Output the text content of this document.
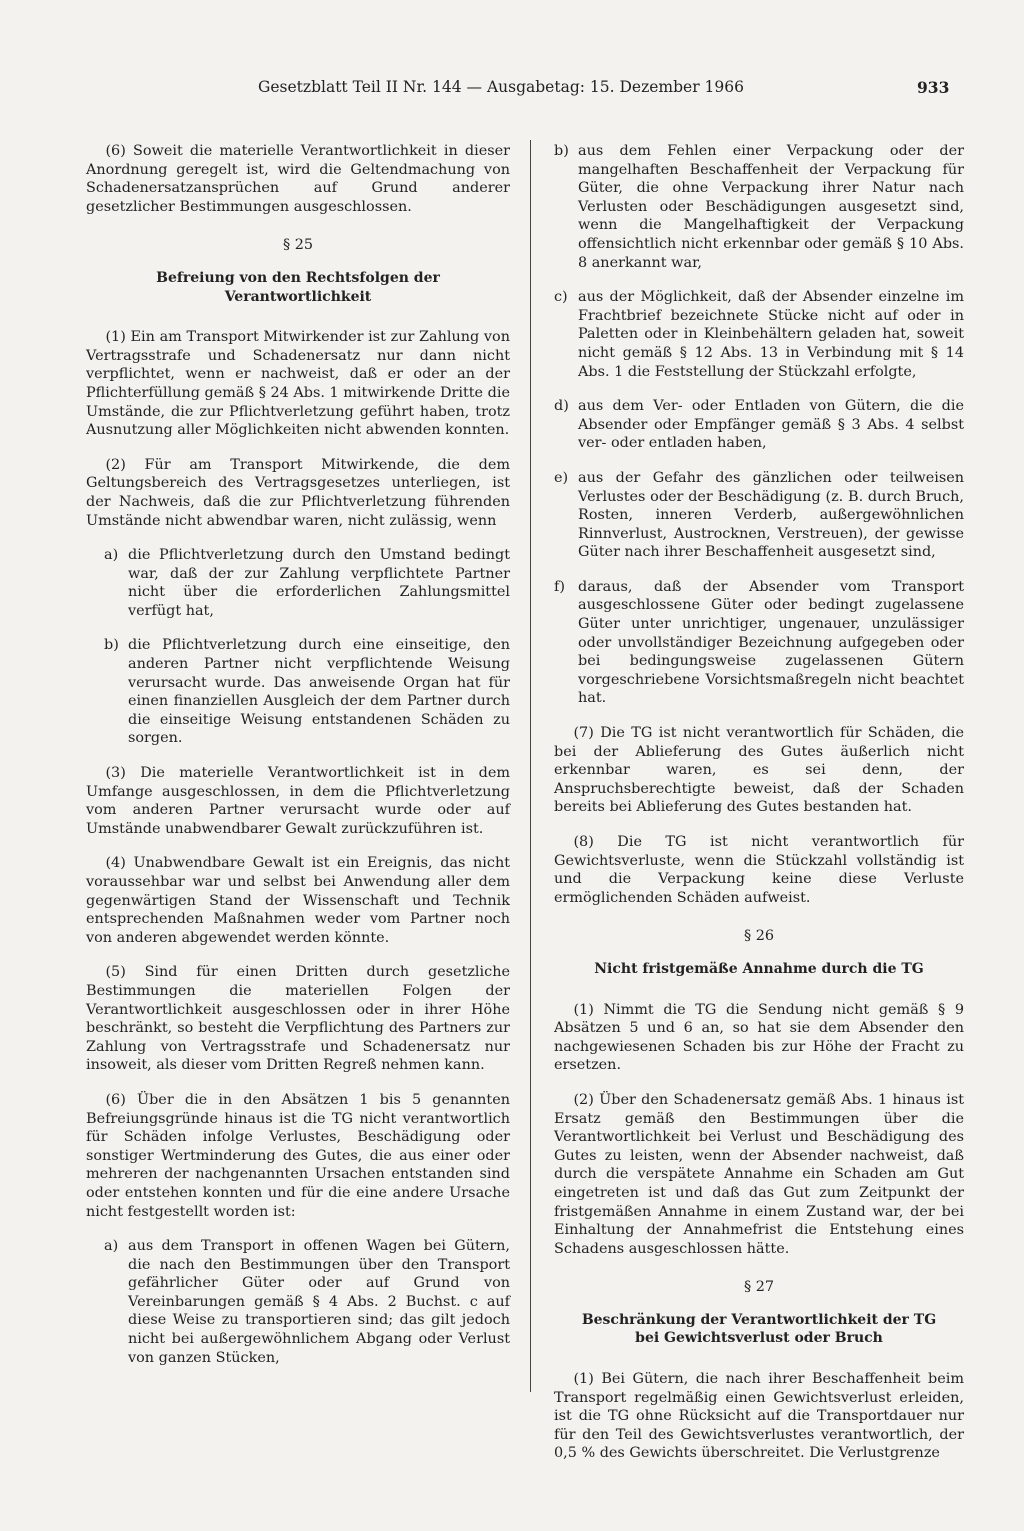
Gesetzblatt Teil II Nr. 144 — Ausgabetag: 15. Dezember 1966	933

(6) Soweit die materielle Verantwortlichkeit in dieser Anordnung geregelt ist, wird die Geltendmachung von Schadenersatzansprüchen auf Grund anderer gesetzlicher Bestimmungen ausgeschlossen.

§ 25

Befreiung von den Rechtsfolgen der Verantwortlichkeit

(1) Ein am Transport Mitwirkender ist zur Zahlung von Vertragsstrafe und Schadenersatz nur dann nicht verpflichtet, wenn er nachweist, daß er oder an der Pflichterfüllung gemäß § 24 Abs. 1 mitwirkende Dritte die Umstände, die zur Pflichtverletzung geführt haben, trotz Ausnutzung aller Möglichkeiten nicht abwenden konnten.

(2) Für am Transport Mitwirkende, die dem Geltungsbereich des Vertragsgesetzes unterliegen, ist der Nachweis, daß die zur Pflichtverletzung führenden Umstände nicht abwendbar waren, nicht zulässig, wenn

a) die Pflichtverletzung durch den Umstand bedingt war, daß der zur Zahlung verpflichtete Partner nicht über die erforderlichen Zahlungsmittel verfügt hat,
b) die Pflichtverletzung durch eine einseitige, den anderen Partner nicht verpflichtende Weisung verursacht wurde. Das anweisende Organ hat für einen finanziellen Ausgleich der dem Partner durch die einseitige Weisung entstandenen Schäden zu sorgen.

(3) Die materielle Verantwortlichkeit ist in dem Umfange ausgeschlossen, in dem die Pflichtverletzung vom anderen Partner verursacht wurde oder auf Umstände unabwendbarer Gewalt zurückzuführen ist.

(4) Unabwendbare Gewalt ist ein Ereignis, das nicht voraussehbar war und selbst bei Anwendung aller dem gegenwärtigen Stand der Wissenschaft und Technik entsprechenden Maßnahmen weder vom Partner noch von anderen abgewendet werden könnte.

(5) Sind für einen Dritten durch gesetzliche Bestimmungen die materiellen Folgen der Verantwortlichkeit ausgeschlossen oder in ihrer Höhe beschränkt, so besteht die Verpflichtung des Partners zur Zahlung von Vertragsstrafe und Schadenersatz nur insoweit, als dieser vom Dritten Regreß nehmen kann.

(6) Über die in den Absätzen 1 bis 5 genannten Befreiungsgründe hinaus ist die TG nicht verantwortlich für Schäden infolge Verlustes, Beschädigung oder sonstiger Wertminderung des Gutes, die aus einer oder mehreren der nachgenannten Ursachen entstanden sind oder entstehen konnten und für die eine andere Ursache nicht festgestellt worden ist:

a) aus dem Transport in offenen Wagen bei Gütern, die nach den Bestimmungen über den Transport gefährlicher Güter oder auf Grund von Vereinbarungen gemäß § 4 Abs. 2 Buchst. c auf diese Weise zu transportieren sind; das gilt jedoch nicht bei außergewöhnlichem Abgang oder Verlust von ganzen Stücken,
b) aus dem Fehlen einer Verpackung oder der mangelhaften Beschaffenheit der Verpackung für Güter, die ohne Verpackung ihrer Natur nach Verlusten oder Beschädigungen ausgesetzt sind, wenn die Mangelhaftigkeit der Verpackung offensichtlich nicht erkennbar oder gemäß § 10 Abs. 8 anerkannt war,
c) aus der Möglichkeit, daß der Absender einzelne im Frachtbrief bezeichnete Stücke nicht auf oder in Paletten oder in Kleinbehältern geladen hat, soweit nicht gemäß § 12 Abs. 13 in Verbindung mit § 14 Abs. 1 die Feststellung der Stückzahl erfolgte,
d) aus dem Ver- oder Entladen von Gütern, die die Absender oder Empfänger gemäß § 3 Abs. 4 selbst ver- oder entladen haben,
e) aus der Gefahr des gänzlichen oder teilweisen Verlustes oder der Beschädigung (z. B. durch Bruch, Rosten, inneren Verderb, außergewöhnlichen Rinnverlust, Austrocknen, Verstreuen), der gewisse Güter nach ihrer Beschaffenheit ausgesetzt sind,
f) daraus, daß der Absender vom Transport ausgeschlossene Güter oder bedingt zugelassene Güter unter unrichtiger, ungenauer, unzulässiger oder unvollständiger Bezeichnung aufgegeben oder bei bedingungsweise zugelassenen Gütern vorgeschriebene Vorsichtsmaßregeln nicht beachtet hat.

(7) Die TG ist nicht verantwortlich für Schäden, die bei der Ablieferung des Gutes äußerlich nicht erkennbar waren, es sei denn, der Anspruchsberechtigte beweist, daß der Schaden bereits bei Ablieferung des Gutes bestanden hat.

(8) Die TG ist nicht verantwortlich für Gewichtsverluste, wenn die Stückzahl vollständig ist und die Verpackung keine diese Verluste ermöglichenden Schäden aufweist.

§ 26

Nicht fristgemäße Annahme durch die TG

(1) Nimmt die TG die Sendung nicht gemäß § 9 Absätzen 5 und 6 an, so hat sie dem Absender den nachgewiesenen Schaden bis zur Höhe der Fracht zu ersetzen.

(2) Über den Schadenersatz gemäß Abs. 1 hinaus ist Ersatz gemäß den Bestimmungen über die Verantwortlichkeit bei Verlust und Beschädigung des Gutes zu leisten, wenn der Absender nachweist, daß durch die verspätete Annahme ein Schaden am Gut eingetreten ist und daß das Gut zum Zeitpunkt der fristgemäßen Annahme in einem Zustand war, der bei Einhaltung der Annahmefrist die Entstehung eines Schadens ausgeschlossen hätte.

§ 27

Beschränkung der Verantwortlichkeit der TG
bei Gewichtsverlust oder Bruch

(1) Bei Gütern, die nach ihrer Beschaffenheit beim Transport regelmäßig einen Gewichtsverlust erleiden, ist die TG ohne Rücksicht auf die Transportdauer nur für den Teil des Gewichtsverlustes verantwortlich, der 0,5 % des Gewichts überschreitet. Die Verlustgrenze
